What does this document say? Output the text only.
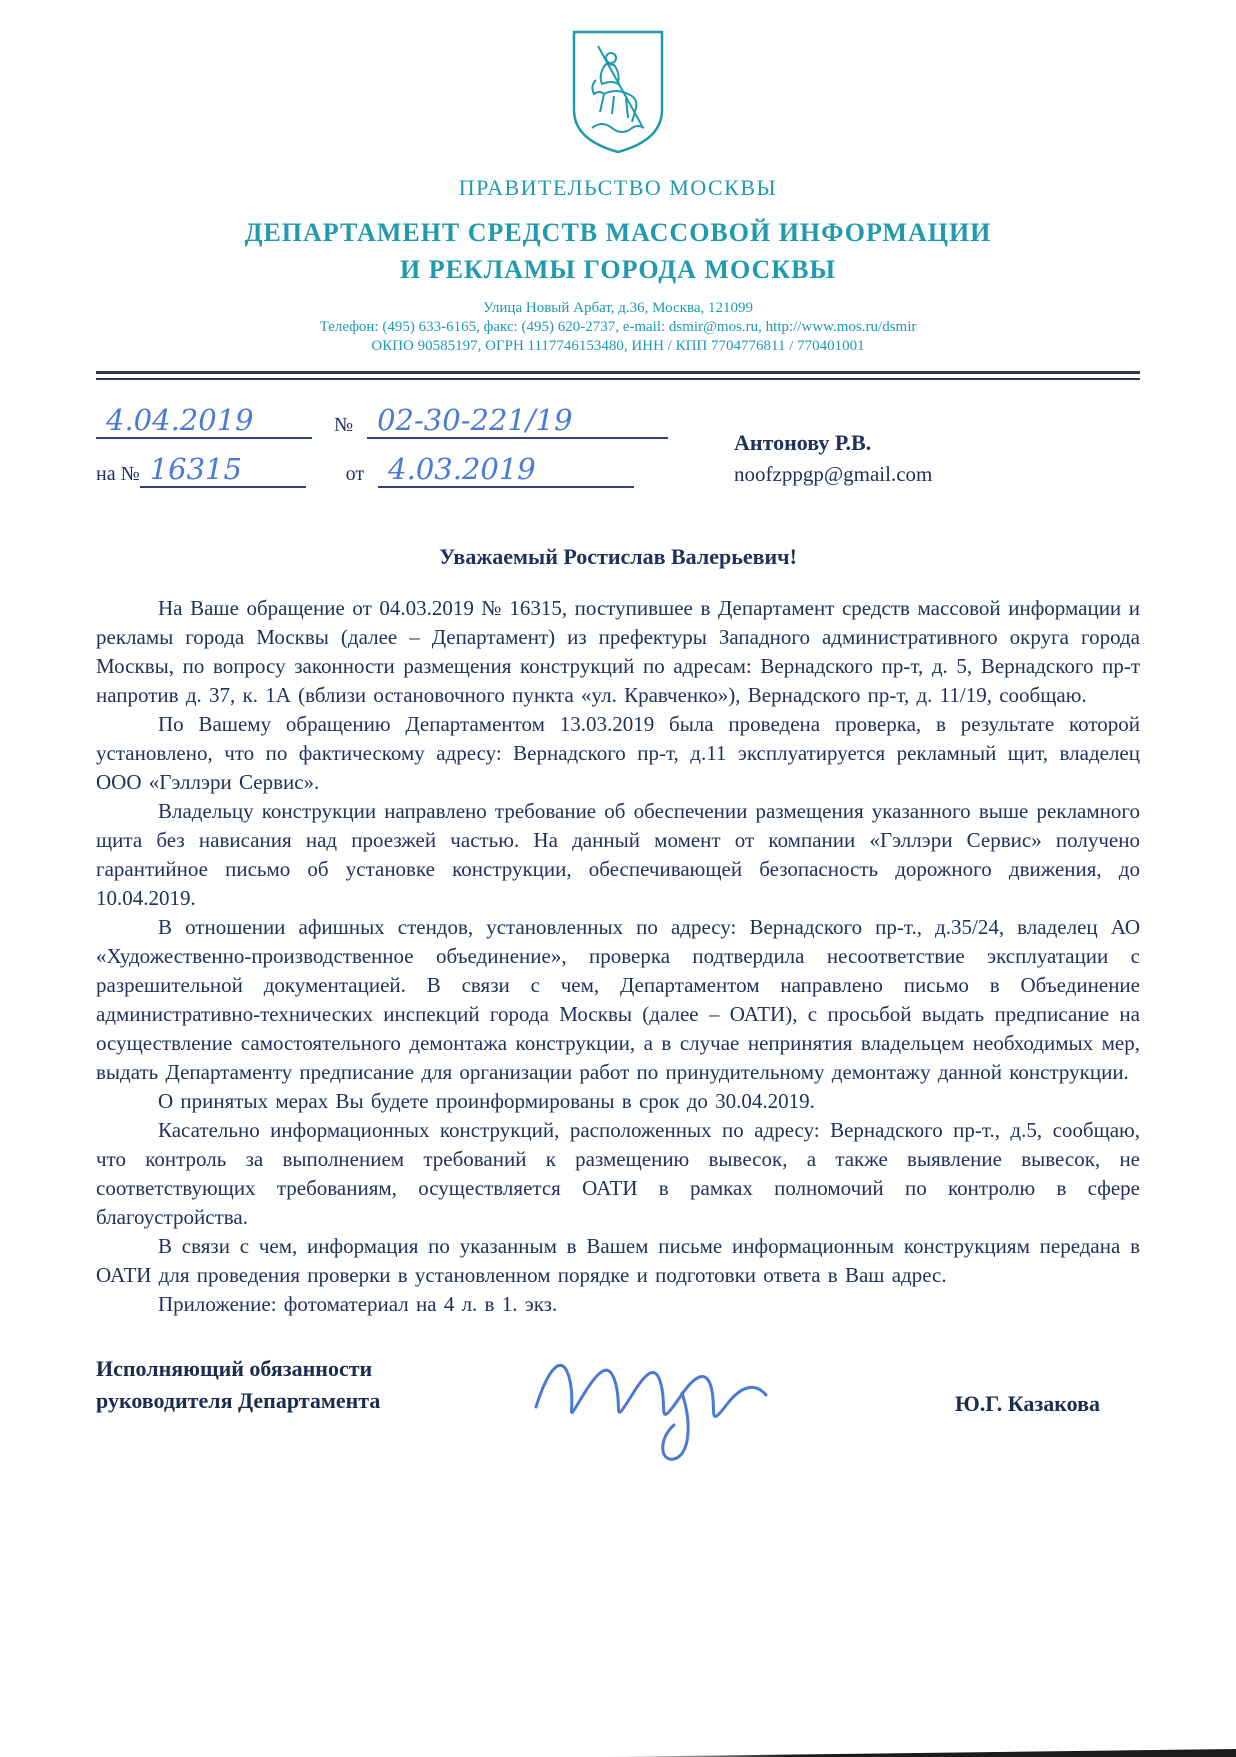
ПРАВИТЕЛЬСТВО МОСКВЫ
ДЕПАРТАМЕНТ СРЕДСТВ МАССОВОЙ ИНФОРМАЦИИ
И РЕКЛАМЫ ГОРОДА МОСКВЫ
Улица Новый Арбат, д.36, Москва, 121099
Телефон: (495) 633-6165, факс: (495) 620-2737, e-mail: dsmir@mos.ru, http://www.mos.ru/dsmir
ОКПО 90585197, ОГРН 1117746153480, ИНН / КПП 7704776811 / 770401001
4.04.2019	№ 02-30-221/19
на № 16315	от 4.03.2019
Антонову Р.В.
noofzppgp@gmail.com
Уважаемый Ростислав Валерьевич!

На Ваше обращение от 04.03.2019 № 16315, поступившее в Департамент средств массовой информации и рекламы города Москвы (далее – Департамент) из префектуры Западного административного округа города Москвы, по вопросу законности размещения конструкций по адресам: Вернадского пр-т, д. 5, Вернадского пр-т напротив д. 37, к. 1А (вблизи остановочного пункта «ул. Кравченко»), Вернадского пр-т, д. 11/19, сообщаю.

По Вашему обращению Департаментом 13.03.2019 была проведена проверка, в результате которой установлено, что по фактическому адресу: Вернадского пр-т, д.11 эксплуатируется рекламный щит, владелец ООО «Гэллэри Сервис».

Владельцу конструкции направлено требование об обеспечении размещения указанного выше рекламного щита без нависания над проезжей частью. На данный момент от компании «Гэллэри Сервис» получено гарантийное письмо об установке конструкции, обеспечивающей безопасность дорожного движения, до 10.04.2019.

В отношении афишных стендов, установленных по адресу: Вернадского пр-т., д.35/24, владелец АО «Художественно-производственное объединение», проверка подтвердила несоответствие эксплуатации с разрешительной документацией. В связи с чем, Департаментом направлено письмо в Объединение административно-технических инспекций города Москвы (далее – ОАТИ), с просьбой выдать предписание на осуществление самостоятельного демонтажа конструкции, а в случае непринятия владельцем необходимых мер, выдать Департаменту предписание для организации работ по принудительному демонтажу данной конструкции.

О принятых мерах Вы будете проинформированы в срок до 30.04.2019.

Касательно информационных конструкций, расположенных по адресу: Вернадского пр-т., д.5, сообщаю, что контроль за выполнением требований к размещению вывесок, а также выявление вывесок, не соответствующих требованиям, осуществляется ОАТИ в рамках полномочий по контролю в сфере благоустройства.

В связи с чем, информация по указанным в Вашем письме информационным конструкциям передана в ОАТИ для проведения проверки в установленном порядке и подготовки ответа в Ваш адрес.

Приложение: фотоматериал на 4 л. в 1. экз.

Исполняющий обязанности
руководителя Департамента	Ю.Г. Казакова
